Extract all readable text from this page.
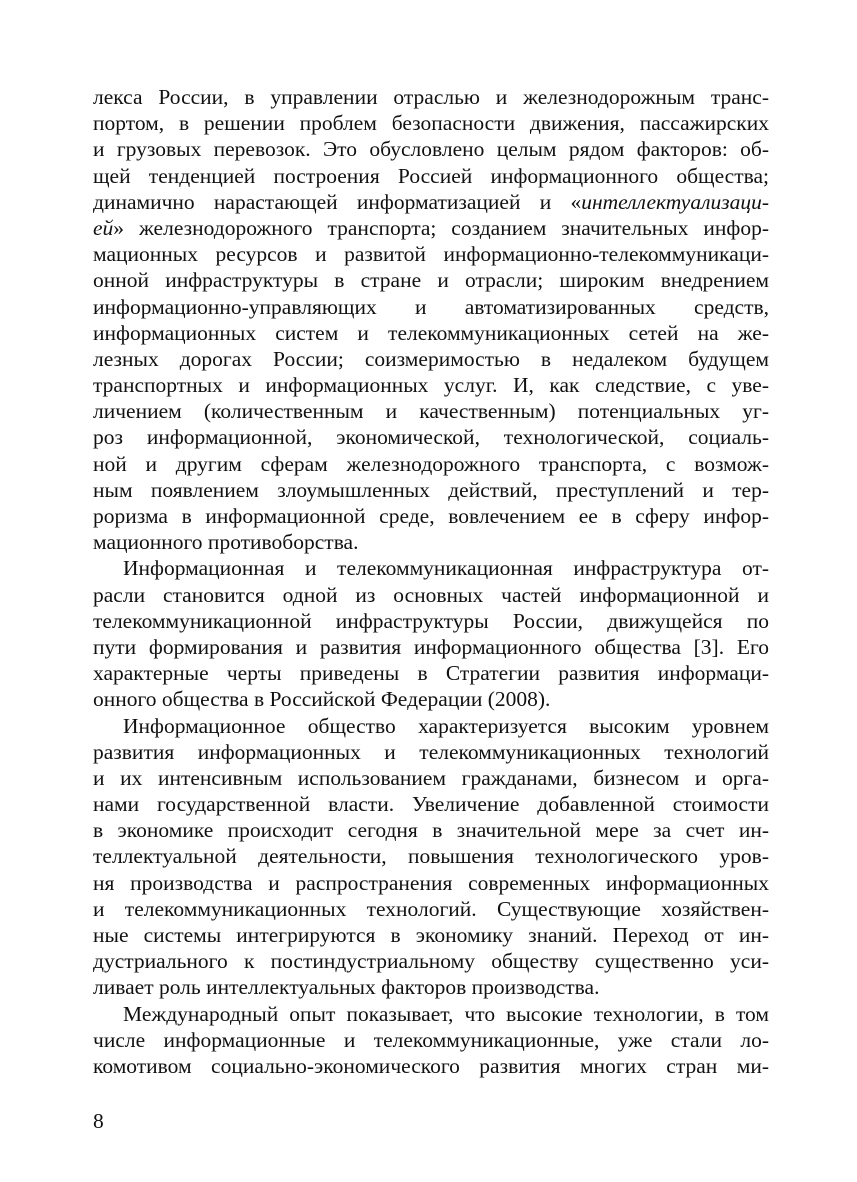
лекса России, в управлении отраслью и железнодорожным транс-
портом, в решении проблем безопасности движения, пассажирских
и грузовых перевозок. Это обусловлено целым рядом факторов: об-
щей тенденцией построения Россией информационного общества;
динамично нарастающей информатизацией и «интеллектуализаци-
ей» железнодорожного транспорта; созданием значительных инфор-
мационных ресурсов и развитой информационно-телекоммуникаци-
онной инфраструктуры в стране и отрасли; широким внедрением
информационно-управляющих и автоматизированных средств,
информационных систем и телекоммуникационных сетей на же-
лезных дорогах России; соизмеримостью в недалеком будущем
транспортных и информационных услуг. И, как следствие, с уве-
личением (количественным и качественным) потенциальных уг-
роз информационной, экономической, технологической, социаль-
ной и другим сферам железнодорожного транспорта, с возмож-
ным появлением злоумышленных действий, преступлений и тер-
роризма в информационной среде, вовлечением ее в сферу инфор-
мационного противоборства.
Информационная и телекоммуникационная инфраструктура от-
расли становится одной из основных частей информационной и
телекоммуникационной инфраструктуры России, движущейся по
пути формирования и развития информационного общества [3]. Его
характерные черты приведены в Стратегии развития информаци-
онного общества в Российской Федерации (2008).
Информационное общество характеризуется высоким уровнем
развития информационных и телекоммуникационных технологий
и их интенсивным использованием гражданами, бизнесом и орга-
нами государственной власти. Увеличение добавленной стоимости
в экономике происходит сегодня в значительной мере за счет ин-
теллектуальной деятельности, повышения технологического уров-
ня производства и распространения современных информационных
и телекоммуникационных технологий. Существующие хозяйствен-
ные системы интегрируются в экономику знаний. Переход от ин-
дустриального к постиндустриальному обществу существенно уси-
ливает роль интеллектуальных факторов производства.
Международный опыт показывает, что высокие технологии, в том
числе информационные и телекоммуникационные, уже стали ло-
комотивом социально-экономического развития многих стран ми-
8
